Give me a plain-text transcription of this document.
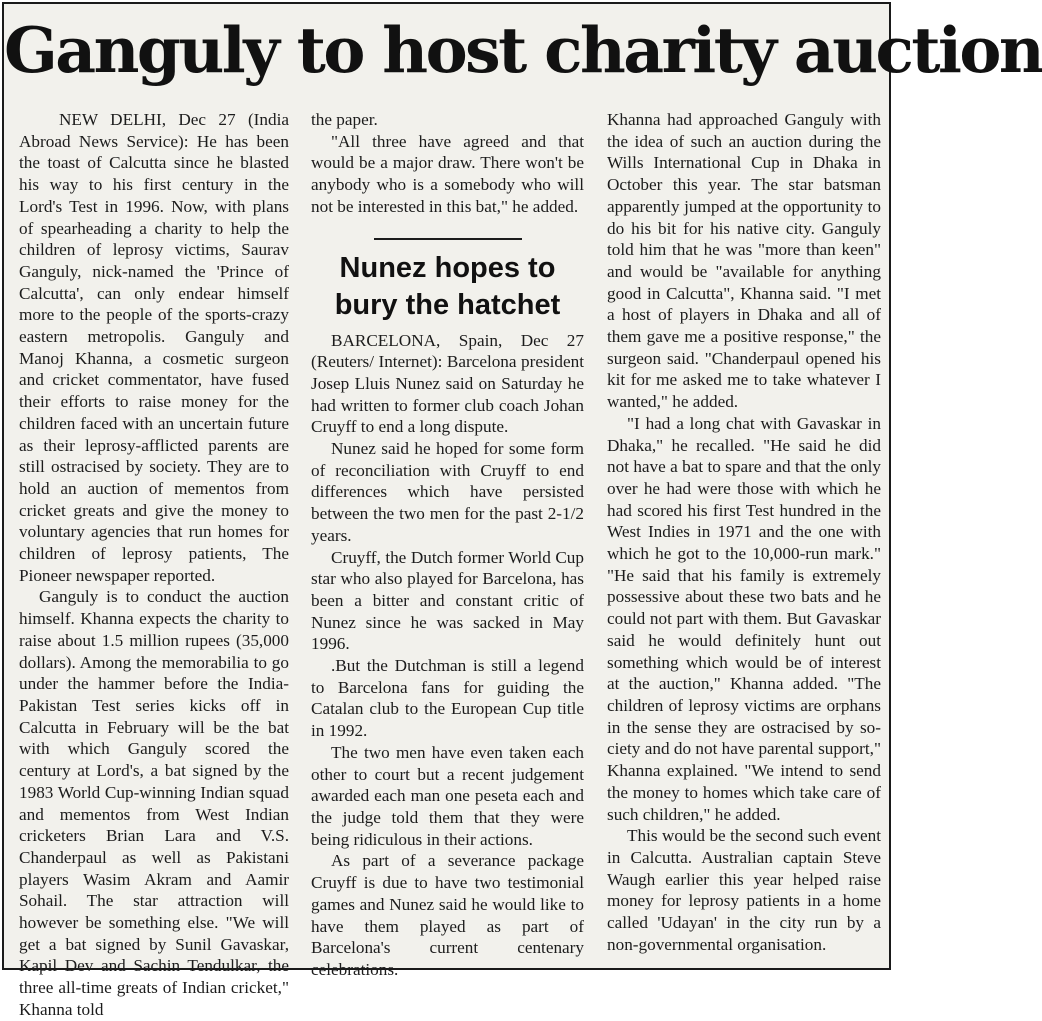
Ganguly to host charity auction

NEW DELHI, Dec 27 (India Abroad News Service): He has been the toast of Calcutta since he blasted his way to his first century in the Lord's Test in 1996. Now, with plans of spearheading a charity to help the children of leprosy victims, Saurav Ganguly, nick-named the 'Prince of Calcutta', can only endear himself more to the people of the sports-crazy eastern metropolis. Ganguly and Manoj Khanna, a cosmetic surgeon and cricket commentator, have fused their efforts to raise money for the children faced with an uncertain future as their leprosy-afflicted parents are still ostracised by society. They are to hold an auction of mementos from cricket greats and give the money to voluntary agencies that run homes for children of leprosy patients, The Pioneer newspaper reported.

Ganguly is to conduct the auction himself. Khanna expects the charity to raise about 1.5 million rupees (35,000 dollars). Among the memorabilia to go under the hammer before the India-Pakistan Test series kicks off in Calcutta in February will be the bat with which Ganguly scored the century at Lord's, a bat signed by the 1983 World Cup-winning Indian squad and mementos from West Indian cricketers Brian Lara and V.S. Chanderpaul as well as Pakistani players Wasim Akram and Aamir Sohail. The star attraction will however be something else. "We will get a bat signed by Sunil Gavaskar, Kapil Dev and Sachin Tendulkar, the three all-time greats of Indian cricket," Khanna told

the paper.

"All three have agreed and that would be a major draw. There won't be anybody who is a somebody who will not be interested in this bat," he added.

Nunez hopes to bury the hatchet

BARCELONA, Spain, Dec 27 (Reuters/ Internet): Barcelona president Josep Lluis Nunez said on Saturday he had written to former club coach Johan Cruyff to end a long dispute.

Nunez said he hoped for some form of reconciliation with Cruyff to end differences which have persisted between the two men for the past 2-1/2 years.

Cruyff, the Dutch former World Cup star who also played for Barcelona, has been a bitter and constant critic of Nunez since he was sacked in May 1996.

.But the Dutchman is still a legend to Barcelona fans for guiding the Catalan club to the European Cup title in 1992.

The two men have even taken each other to court but a recent judgement awarded each man one peseta each and the judge told them that they were being ridiculous in their actions.

As part of a severance package Cruyff is due to have two testimonial games and Nunez said he would like to have them played as part of Barcelona's current centenary celebrations.

Khanna had approached Ganguly with the idea of such an auction during the Wills International Cup in Dhaka in October this year. The star batsman apparently jumped at the opportunity to do his bit for his native city. Ganguly told him that he was "more than keen" and would be "available for anything good in Calcutta", Khanna said. "I met a host of players in Dhaka and all of them gave me a positive response," the surgeon said. "Chanderpaul opened his kit for me asked me to take whatever I wanted," he added.

"I had a long chat with Gavaskar in Dhaka," he recalled. "He said he did not have a bat to spare and that the only over he had were those with which he had scored his first Test hundred in the West Indies in 1971 and the one with which he got to the 10,000-run mark." "He said that his family is extremely possessive about these two bats and he could not part with them. But Gavaskar said he would definitely hunt out something which would be of interest at the auction," Khanna added. "The children of leprosy victims are orphans in the sense they are ostracised by society and do not have parental support," Khanna explained. "We intend to send the money to homes which take care of such children," he added.

This would be the second such event in Calcutta. Australian captain Steve Waugh earlier this year helped raise money for leprosy patients in a home called 'Udayan' in the city run by a non-governmental organisation.
